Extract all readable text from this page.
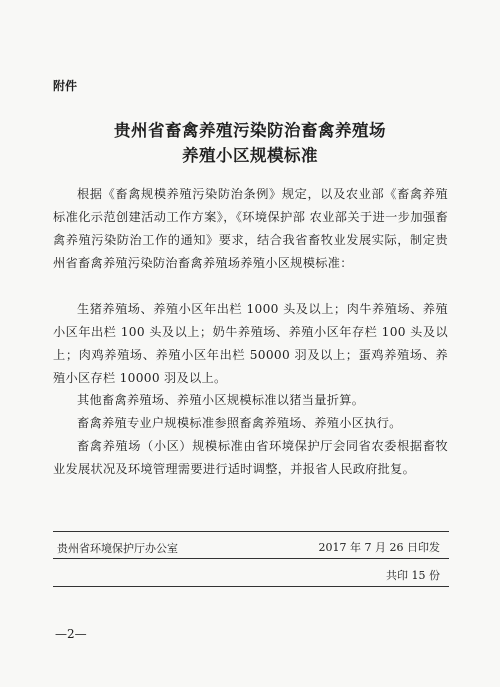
附件
贵州省畜禽养殖污染防治畜禽养殖场
养殖小区规模标准
根据《畜禽规模养殖污染防治条例》规定，以及农业部《畜禽养殖标准化示范创建活动工作方案》，《环境保护部 农业部关于进一步加强畜禽养殖污染防治工作的通知》要求，结合我省畜牧业发展实际，制定贵州省畜禽养殖污染防治畜禽养殖场养殖小区规模标准：
生猪养殖场、养殖小区年出栏 1000 头及以上；肉牛养殖场、养殖小区年出栏 100 头及以上；奶牛养殖场、养殖小区年存栏 100 头及以上；肉鸡养殖场、养殖小区年出栏 50000 羽及以上；蛋鸡养殖场、养殖小区存栏 10000 羽及以上。
其他畜禽养殖场、养殖小区规模标准以猪当量折算。
畜禽养殖专业户规模标准参照畜禽养殖场、养殖小区执行。
畜禽养殖场（小区）规模标准由省环境保护厅会同省农委根据畜牧业发展状况及环境管理需要进行适时调整，并报省人民政府批复。
贵州省环境保护厅办公室	2017 年 7 月 26 日印发
共印 15 份
—2—
